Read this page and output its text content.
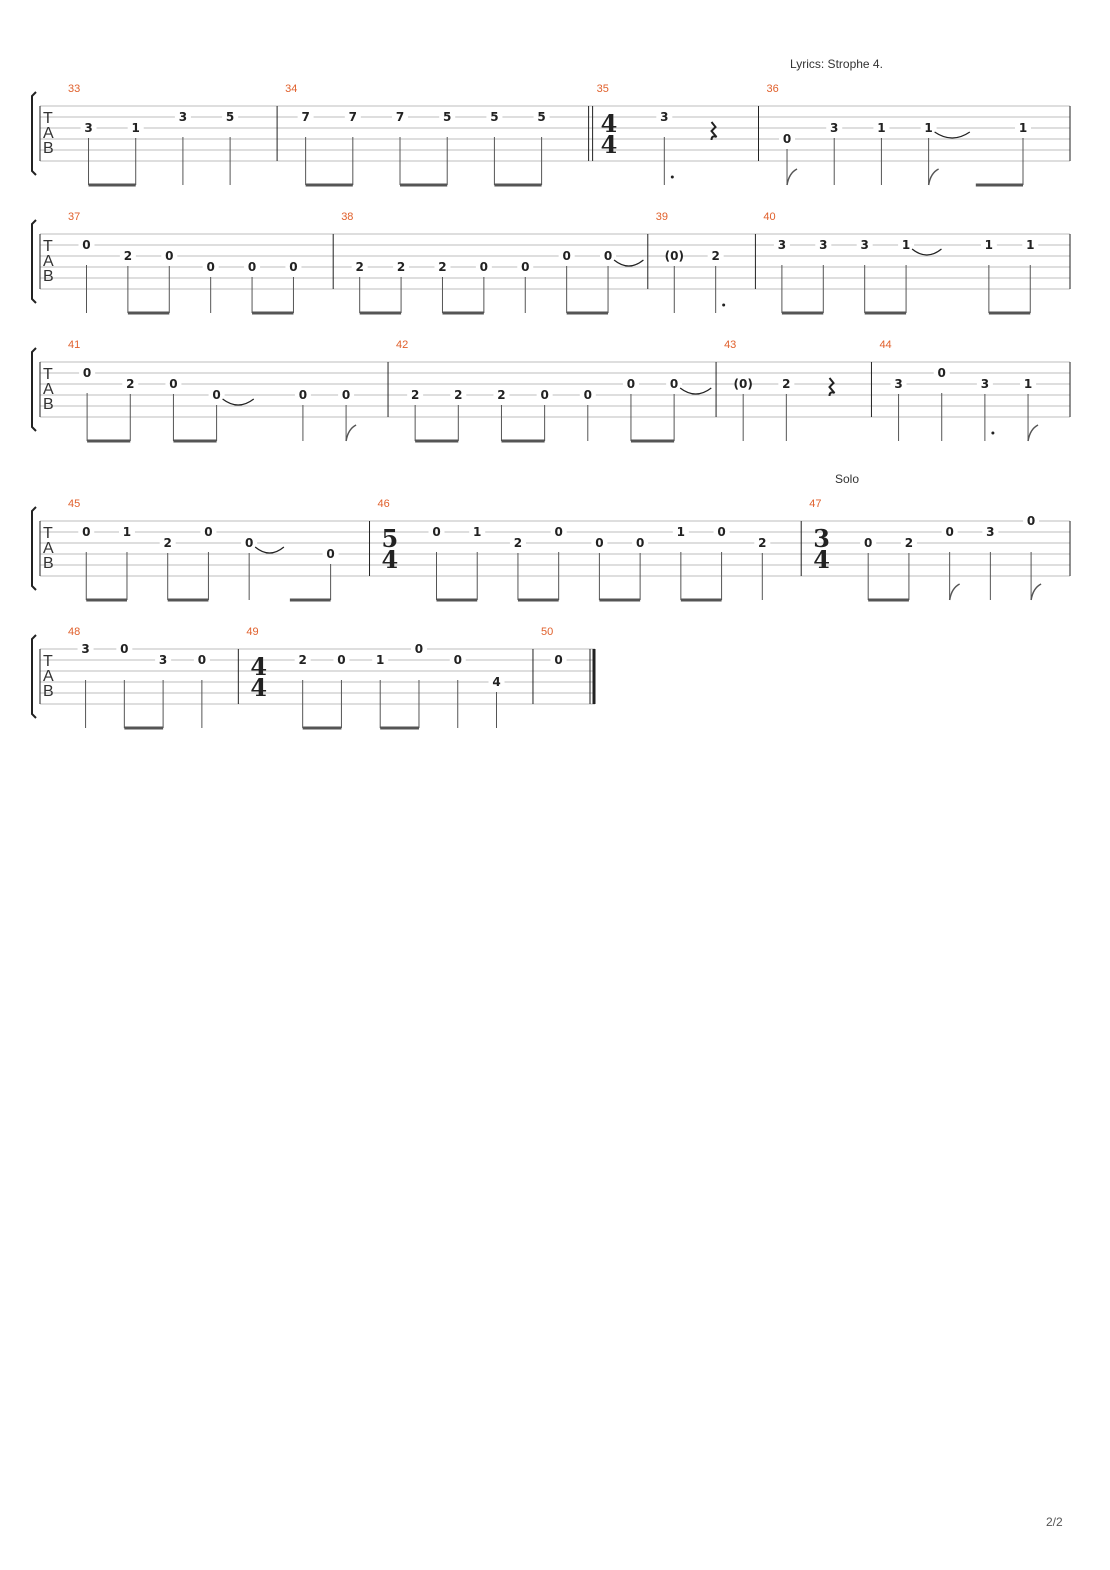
Lyrics: Strophe 4.
Solo
2/2
T
A
B
33
3	1
3	5
34
7	7	7	5	5	5
35
4
4
3
36
0
3	1	1	1
T
A
B
37
0
2	0
0	0	0
38
2	2	2	0	0
0	0
39
(0) 2
40
3	3	3	1	1	1
T
A
B
41
0
2	0
0	0	0
42
2	2	2	0	0
0	0
43
(0) 2
44
3
0
3	1
T
A
B
45
0	1
2
0
0
0
46
5
4
0	1
2
0
0	0
1	0
2
47
3
4
0	2
0	3
0
T
A
B
48
3	0
3	0
49
4
4
2	0	1
0
0
4
50
0
